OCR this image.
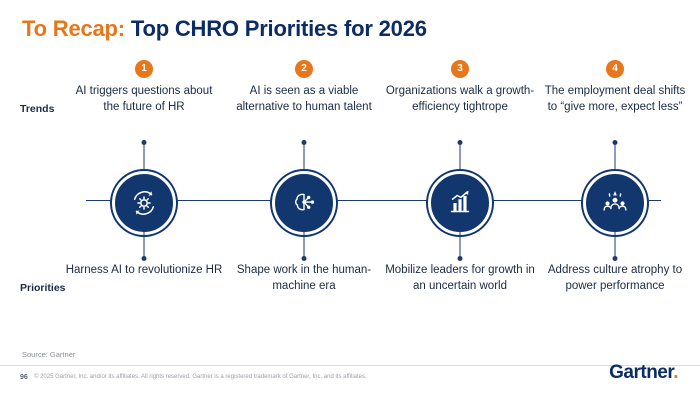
To Recap: Top CHRO Priorities for 2026
Trends
Priorities
1
AI triggers questions about the future of HR
Harness AI to revolutionize HR
2
AI is seen as a viable alternative to human talent
Shape work in the human-machine era
3
Organizations walk a growth-efficiency tightrope
Mobilize leaders for growth in an uncertain world
4
The employment deal shifts to “give more, expect less”
Address culture atrophy to power performance
Source: Gartner
96 © 2025 Gartner, Inc. and/or its affiliates. All rights reserved. Gartner is a registered trademark of Gartner, Inc. and its affiliates.	Gartner.
